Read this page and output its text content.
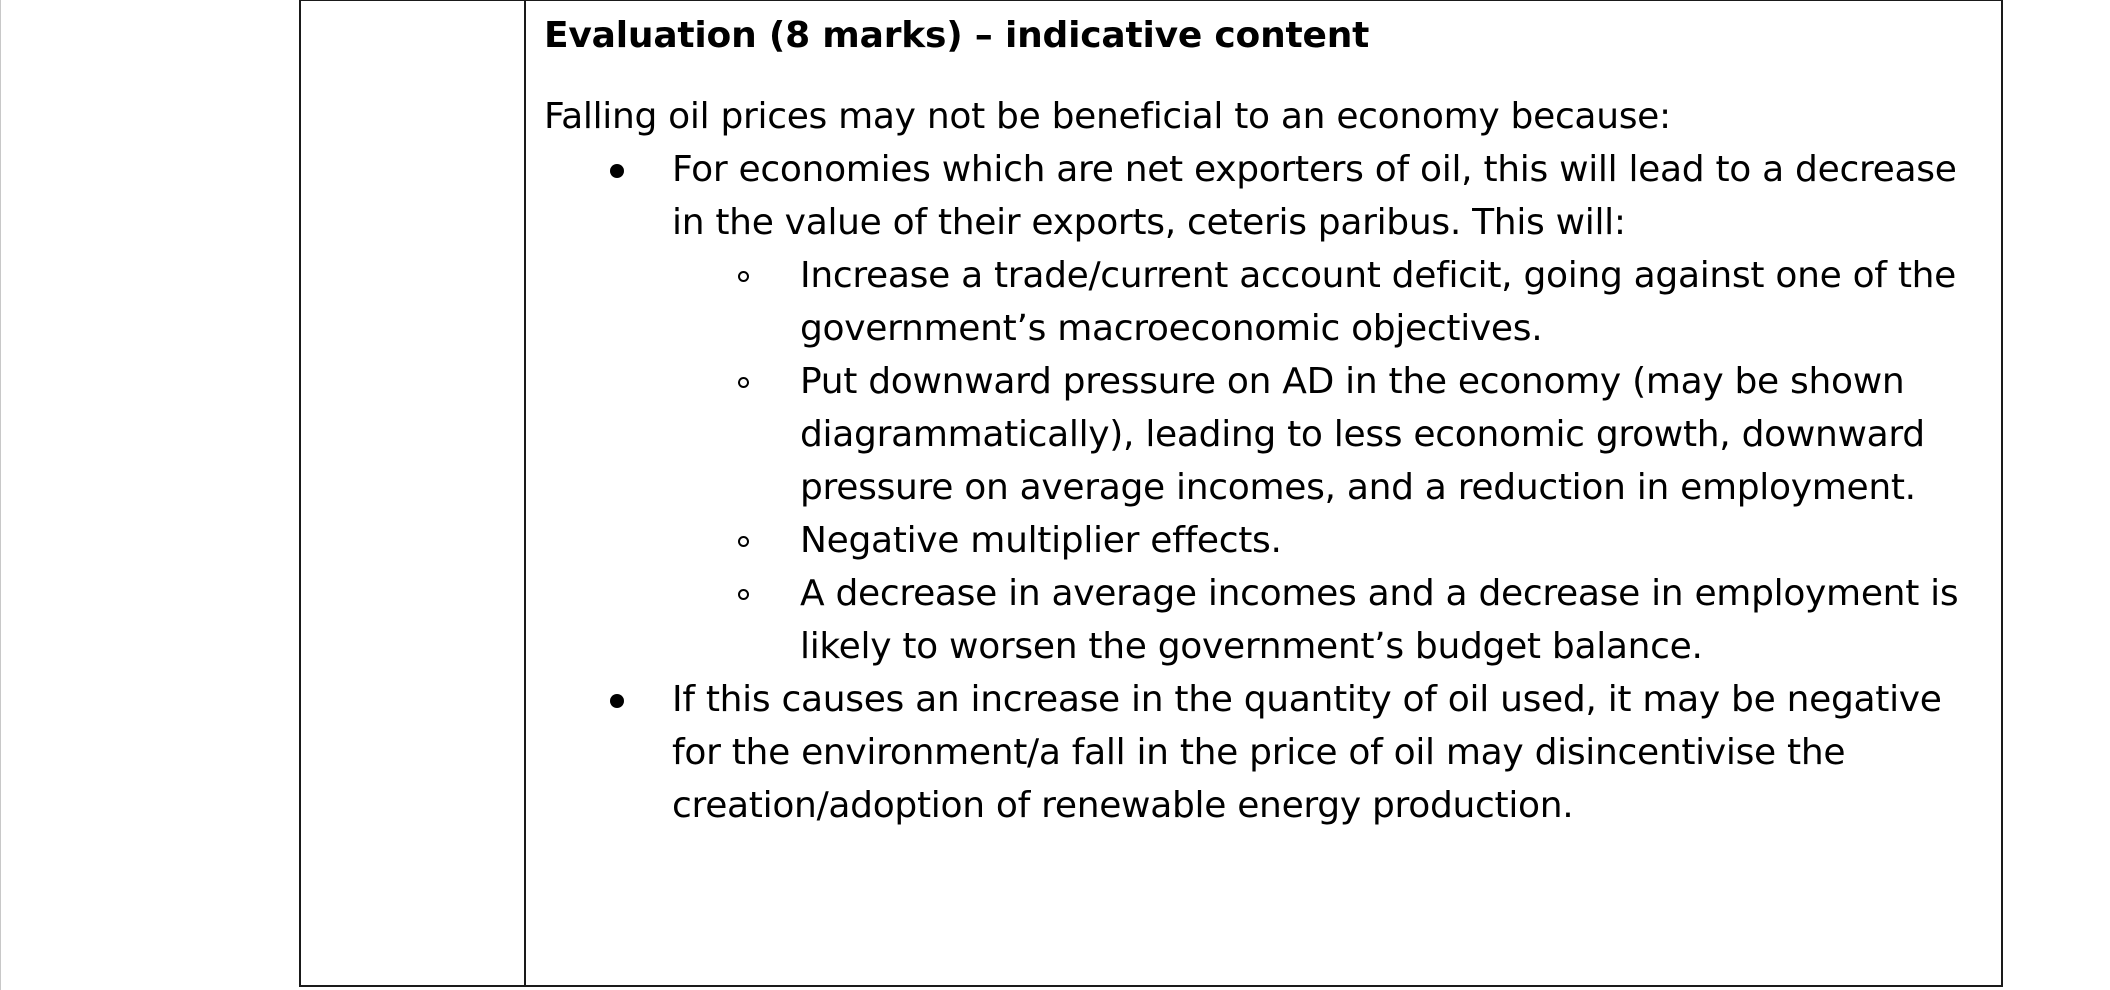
Evaluation (8 marks) – indicative content

Falling oil prices may not be beneficial to an economy because:

For economies which are net exporters of oil, this will lead to a decrease in the value of their exports, ceteris paribus. This will:
Increase a trade/current account deficit, going against one of the government’s macroeconomic objectives.
Put downward pressure on AD in the economy (may be shown diagrammatically), leading to less economic growth, downward pressure on average incomes, and a reduction in employment.
Negative multiplier effects.
A decrease in average incomes and a decrease in employment is likely to worsen the government’s budget balance.
If this causes an increase in the quantity of oil used, it may be negative for the environment/a fall in the price of oil may disincentivise the creation/adoption of renewable energy production.
